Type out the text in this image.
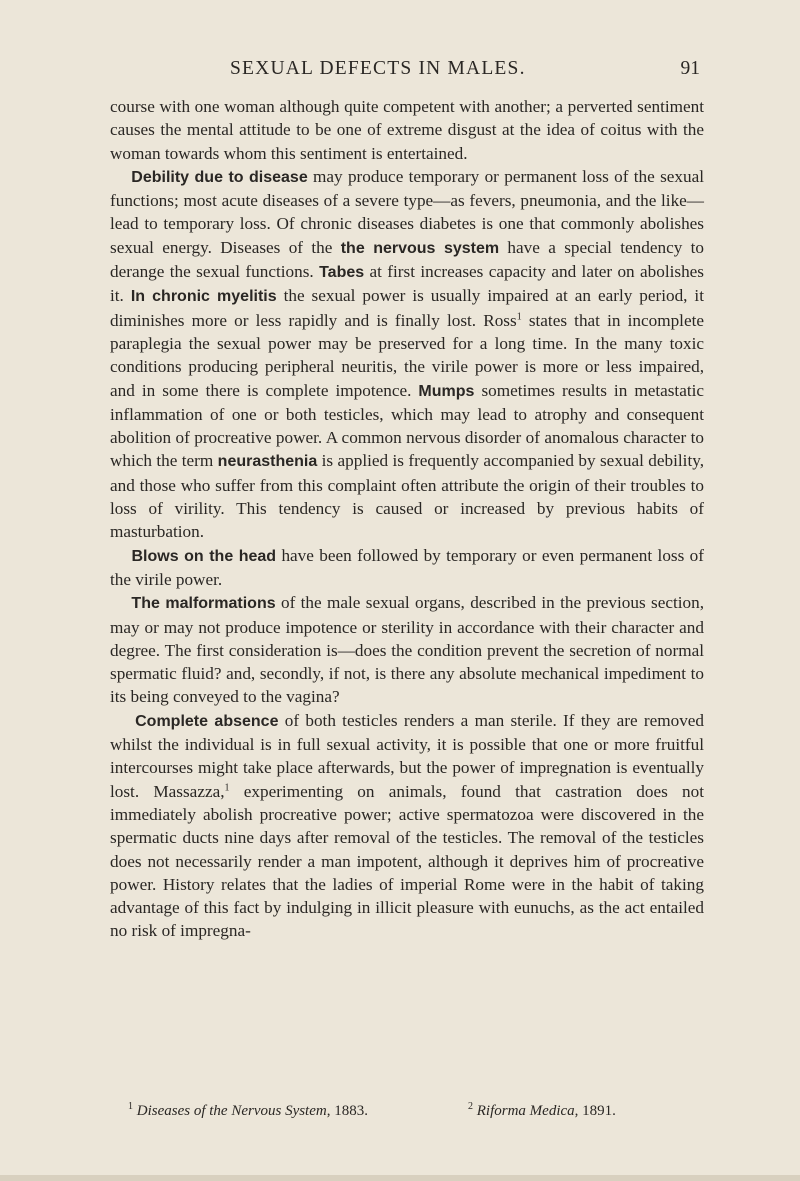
SEXUAL DEFECTS IN MALES.	91

course with one woman although quite competent with another; a perverted sentiment causes the mental attitude to be one of extreme disgust at the idea of coitus with the woman towards whom this sentiment is entertained.

Debility due to disease may produce temporary or permanent loss of the sexual functions; most acute diseases of a severe type—as fevers, pneumonia, and the like—lead to temporary loss. Of chronic diseases diabetes is one that commonly abolishes sexual energy. Diseases of the the nervous system have a special tendency to derange the sexual functions. Tabes at first increases capacity and later on abolishes it. In chronic myelitis the sexual power is usually impaired at an early period, it diminishes more or less rapidly and is finally lost. Ross$^1$ states that in incomplete paraplegia the sexual power may be preserved for a long time. In the many toxic conditions producing peripheral neuritis, the virile power is more or less impaired, and in some there is complete impotence. Mumps sometimes results in metastatic inflammation of one or both testicles, which may lead to atrophy and consequent abolition of procreative power. A common nervous disorder of anomalous character to which the term neurasthenia is applied is frequently accompanied by sexual debility, and those who suffer from this complaint often attribute the origin of their troubles to loss of virility. This tendency is caused or increased by previous habits of masturbation.

Blows on the head have been followed by temporary or even permanent loss of the virile power.

The malformations of the male sexual organs, described in the previous section, may or may not produce impotence or sterility in accordance with their character and degree. The first consideration is—does the condition prevent the secretion of normal spermatic fluid? and, secondly, if not, is there any absolute mechanical impediment to its being conveyed to the vagina?

Complete absence of both testicles renders a man sterile. If they are removed whilst the individual is in full sexual activity, it is possible that one or more fruitful intercourses might take place afterwards, but the power of impregnation is eventually lost. Massazza,$^1$ experimenting on animals, found that castration does not immediately abolish procreative power; active spermatozoa were discovered in the spermatic ducts nine days after removal of the testicles. The removal of the testicles does not necessarily render a man impotent, although it deprives him of procreative power. History relates that the ladies of imperial Rome were in the habit of taking advantage of this fact by indulging in illicit pleasure with eunuchs, as the act entailed no risk of impregna-

$^1$ Diseases of the Nervous System, 1883.	$^2$ Riforma Medica, 1891.
